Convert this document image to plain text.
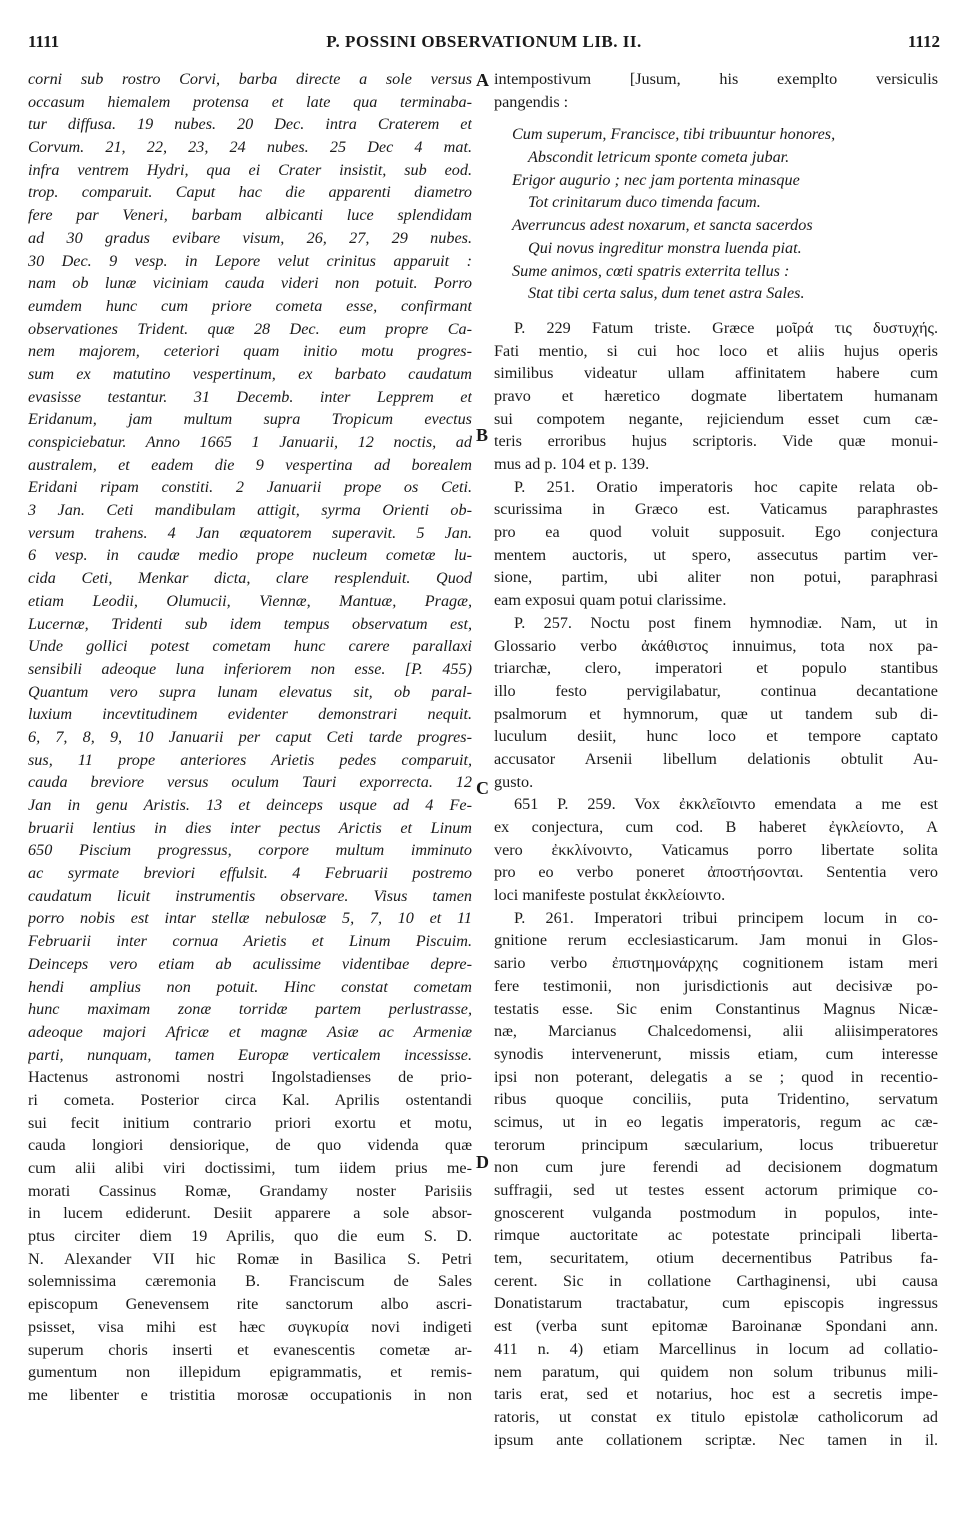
1111	P. POSSINI OBSERVATIONUM LIB. II.	1112
corni sub rostro Corvi, barba directe a sole versus
occasum hiemalem protensa et late qua terminaba-
tur diffusa. 19 nubes. 20 Dec. intra Craterem et
Corvum. 21, 22, 23, 24 nubes. 25 Dec 4 mat.
infra ventrem Hydri, qua ei Crater insistit, sub eod.
trop. comparuit. Caput hac die apparenti diametro
fere par Veneri, barbam albicanti luce splendidam
ad 30 gradus evibare visum, 26, 27, 29 nubes.
30 Dec. 9 vesp. in Lepore velut crinitus apparuit :
nam ob lunæ viciniam cauda videri non potuit. Porro
eumdem hunc cum priore cometa esse, confirmant
observationes Trident. quæ 28 Dec. eum propre Ca-
nem majorem, ceteriori quam initio motu progres-
sum ex matutino vespertinum, ex barbato caudatum
evasisse testantur. 31 Decemb. inter Lepprem et
Eridanum, jam multum supra Tropicum evectus
conspiciebatur. Anno 1665 1 Januarii, 12 noctis, ad
australem, et eadem die 9 vespertina ad borealem
Eridani ripam constiti. 2 Januarii prope os Ceti.
3 Jan. Ceti mandibulam attigit, syrma Orienti ob-
versum trahens. 4 Jan æquatorem superavit. 5 Jan.
6 vesp. in caudæ medio prope nucleum cometæ lu-
cida Ceti, Menkar dicta, clare resplenduit. Quod
etiam Leodii, Olumucii, Viennæ, Mantuæ, Pragæ,
Lucernæ, Tridenti sub idem tempus observatum est,
Unde gollici potest cometam hunc carere parallaxi
sensibili adeoque luna inferiorem non esse. [P. 455)
Quantum vero supra lunam elevatus sit, ob paral-
luxium incevtitudinem evidenter demonstrari nequit.
6, 7, 8, 9, 10 Januarii per caput Ceti tarde progres-
sus, 11 prope anteriores Arietis pedes comparuit,
cauda breviore versus oculum Tauri exporrecta. 12
Jan in genu Aristis. 13 et deinceps usque ad 4 Fe-
bruarii lentius in dies inter pectus Arictis et Linum
650 Piscium progressus, corpore multum imminuto
ac syrmate breviori effulsit. 4 Februarii postremo
caudatum licuit instrumentis observare. Visus tamen
porro nobis est intar stellæ nebulosæ 5, 7, 10 et 11
Februarii inter cornua Arietis et Linum Piscuim.
Deinceps vero etiam ab aculissime videntibae depre-
hendi amplius non potuit. Hinc constat cometam
hunc maximam zonæ torridæ partem perlustrasse,
adeoque majori Africæ et magnæ Asiæ ac Armeniæ
parti, nunquam, tamen Europæ verticalem incessisse.
Hactenus astronomi nostri Ingolstadienses de prio-
ri cometa. Posterior circa Kal. Aprilis ostentandi
sui fecit initium contrario priori exortu et motu,
cauda longiori densiorique, de quo videnda quæ
cum alii alibi viri doctissimi, tum iidem prius me-
morati Cassinus Romæ, Grandamy noster Parisiis
in lucem ediderunt. Desiit apparere a sole absor-
ptus circiter diem 19 Aprilis, quo die eum S. D.
N. Alexander VII hic Romæ in Basilica S. Petri
solemnissima cæremonia B. Franciscum de Sales
episcopum Genevensem rite sanctorum albo ascri-
psisset, visa mihi est hæc συγκυρία novi indigeti
superum choris inserti et evanescentis cometæ ar-
gumentum non illepidum epigrammatis, et remis-
me libenter e tristitia morosæ occupationis in non
intempostivum [Jusum, his exemplto versiculis
pangendis :
Cum superum, Francisce, tibi tribuuntur honores,
Abscondit letricum sponte cometa jubar.
Erigor augurio ; nec jam portenta minasque
Tot crinitarum duco timenda facum.
Averruncus adest noxarum, et sancta sacerdos
Qui novus ingreditur monstra luenda piat.
Sume animos, cœti spatris exterrita tellus :
Stat tibi certa salus, dum tenet astra Sales.
P. 229 Fatum triste. Græce μοῖρά τις δυστυχής.
Fati mentio, si cui hoc loco et aliis hujus operis
similibus videatur ullam affinitatem habere cum
pravo et hæretico dogmate libertatem humanam
sui compotem negante, rejiciendum esset cum cæ-
teris erroribus hujus scriptoris. Vide quæ monui-
mus ad p. 104 et p. 139.
P. 251. Oratio imperatoris hoc capite relata ob-
scurissima in Græco est. Vaticamus paraphrastes
pro ea quod voluit supposuit. Ego conjectura
mentem auctoris, ut spero, assecutus partim ver-
sione, partim, ubi aliter non potui, paraphrasi
eam exposui quam potui clarissime.
P. 257. Noctu post finem hymnodiæ. Nam, ut in
Glossario verbo ἀκάθιστος innuimus, tota nox pa-
triarchæ, clero, imperatori et populo stantibus
illo festo pervigilabatur, continua decantatione
psalmorum et hymnorum, quæ ut tandem sub di-
luculum desiit, hunc loco et tempore captato
accusator Arsenii libellum delationis obtulit Au-
gusto.
651 P. 259. Vox ἐκκλεῖοιντο emendata a me est
ex conjectura, cum cod. B haberet ἐγκλείοντο, A
vero ἐκκλίνοιντο, Vaticamus porro libertate solita
pro eo verbo poneret ἀποστήσονται. Sententia vero
loci manifeste postulat ἐκκλείοιντο.
P. 261. Imperatori tribui principem locum in co-
gnitione rerum ecclesiasticarum. Jam monui in Glos-
sario verbo ἐπιστημονάρχης cognitionem istam meri
fere testimonii, non jurisdictionis aut decisivæ po-
testatis esse. Sic enim Constantinus Magnus Nicæ-
næ, Marcianus Chalcedomensi, alii aliisimperatores
synodis intervenerunt, missis etiam, cum interesse
ipsi non poterant, delegatis a se ; quod in recentio-
ribus quoque conciliis, puta Tridentino, servatum
scimus, ut in eo legatis imperatoris, regum ac cæ-
terorum principum sæcularium, locus tribueretur
non cum jure ferendi ad decisionem dogmatum
suffragii, sed ut testes essent actorum primique co-
gnoscerent vulganda postmodum in populos, inte-
rimque auctoritate ac potestate principali liberta-
tem, securitatem, otium decernentibus Patribus fa-
cerent. Sic in collatione Carthaginensi, ubi causa
Donatistarum tractabatur, cum episcopis ingressus
est (verba sunt epitomæ Baroinanæ Spondani ann.
411 n. 4) etiam Marcellinus in locum ad collatio-
nem paratum, qui quidem non solum tribunus mili-
taris erat, sed et notarius, hoc est a secretis impe-
ratoris, ut constat ex titulo epistolæ catholicorum ad
ipsum ante collationem scriptæ. Nec tamen in il.
A
B
C
D
